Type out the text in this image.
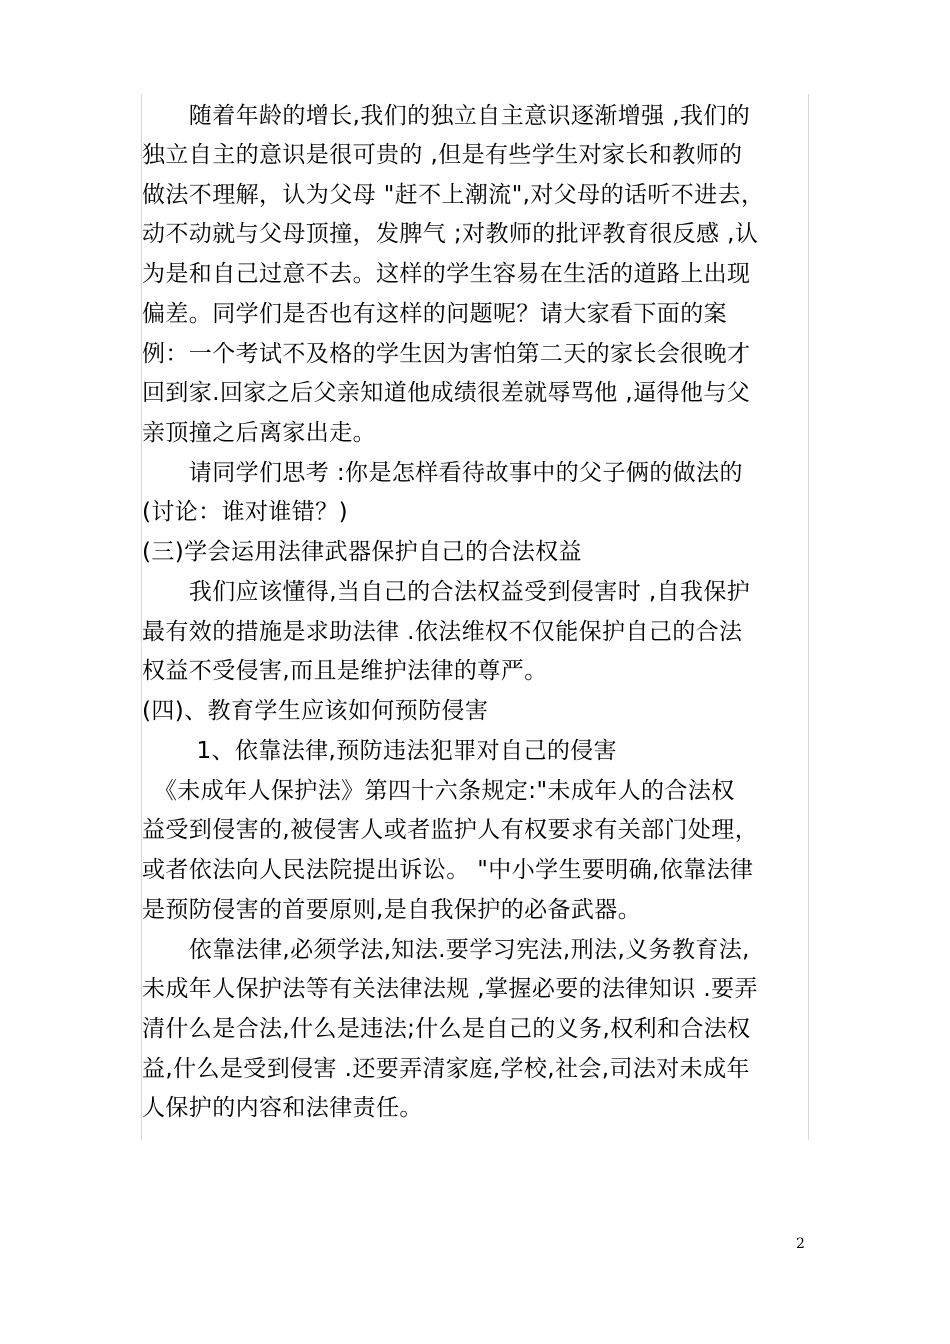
　　随着年龄的增长,我们的独立自主意识逐渐增强 ,我们的
独立自主的意识是很可贵的 ,但是有些学生对家长和教师的
做法不理解，认为父母 "赶不上潮流",对父母的话听不进去，
动不动就与父母顶撞，发脾气 ;对教师的批评教育很反感 ,认
为是和自己过意不去。这样的学生容易在生活的道路上出现
偏差。同学们是否也有这样的问题呢？请大家看下面的案
例：一个考试不及格的学生因为害怕第二天的家长会很晚才
回到家.回家之后父亲知道他成绩很差就辱骂他 ,逼得他与父
亲顶撞之后离家出走。
　　请同学们思考 :你是怎样看待故事中的父子俩的做法的
(讨论：谁对谁错？)
(三)学会运用法律武器保护自己的合法权益
　　我们应该懂得,当自己的合法权益受到侵害时 ,自我保护
最有效的措施是求助法律 .依法维权不仅能保护自己的合法
权益不受侵害,而且是维护法律的尊严。
(四)、教育学生应该如何预防侵害
　　 1、依靠法律,预防违法犯罪对自己的侵害
　《未成年人保护法》第四十六条规定:"未成年人的合法权
益受到侵害的,被侵害人或者监护人有权要求有关部门处理，
或者依法向人民法院提出诉讼。 "中小学生要明确,依靠法律
是预防侵害的首要原则,是自我保护的必备武器。
　　依靠法律,必须学法,知法.要学习宪法,刑法,义务教育法,
未成年人保护法等有关法律法规 ,掌握必要的法律知识 .要弄
清什么是合法,什么是违法;什么是自己的义务,权利和合法权
益,什么是受到侵害 .还要弄清家庭,学校,社会,司法对未成年
人保护的内容和法律责任。
2
